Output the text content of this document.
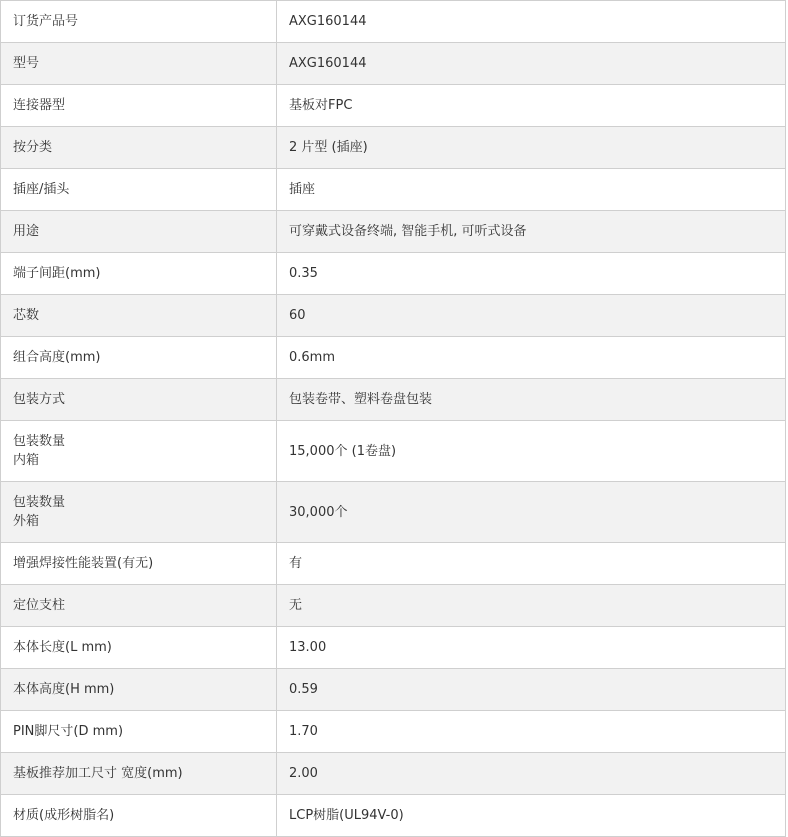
订货产品号	AXG160144
型号	AXG160144
连接器型	基板对FPC
按分类	2 片型 (插座)
插座/插头	插座
用途	可穿戴式设备终端, 智能手机, 可听式设备
端子间距(mm)	0.35
芯数	60
组合高度(mm)	0.6mm
包装方式	包装卷带、塑料卷盘包装

包装数量
内箱	15,000个 (1卷盘)

包装数量
外箱	30,000个
增强焊接性能装置(有无)	有
定位支柱	无
本体长度(L mm)	13.00
本体高度(H mm)	0.59
PIN脚尺寸(D mm)	1.70
基板推荐加工尺寸 宽度(mm)	2.00
材质(成形树脂名)	LCP树脂(UL94V-0)
